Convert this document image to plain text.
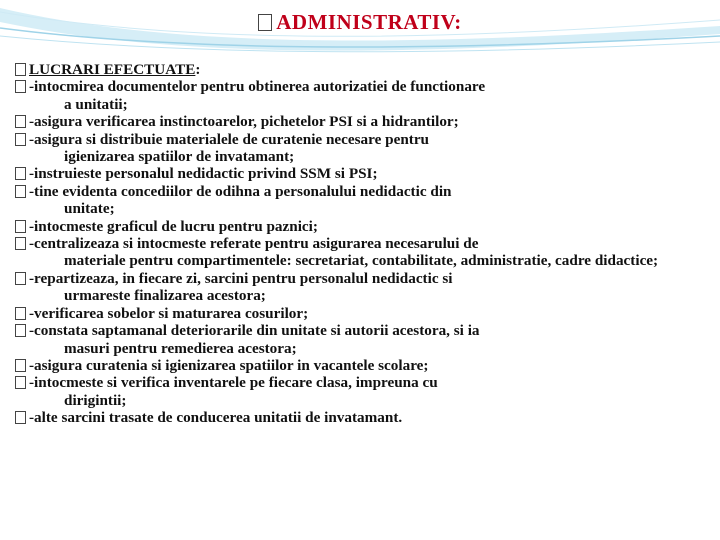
ADMINISTRATIV:
LUCRARI EFECTUATE:
-intocmirea documentelor pentru obtinerea autorizatiei de functionare
a unitatii;
-asigura verificarea instinctoarelor, pichetelor PSI si a hidrantilor;
-asigura si distribuie materialele de curatenie necesare pentru
igienizarea spatiilor de invatamant;
-instruieste personalul nedidactic privind SSM si PSI;
-tine evidenta concediilor de odihna a personalului nedidactic din
unitate;
-intocmeste graficul de lucru pentru paznici;
-centralizeaza si intocmeste referate pentru asigurarea necesarului de
materiale pentru compartimentele: secretariat, contabilitate, administratie, cadre didactice;
-repartizeaza, in fiecare zi, sarcini pentru personalul nedidactic si
urmareste finalizarea acestora;
-verificarea sobelor si maturarea cosurilor;
-constata saptamanal deteriorarile din unitate si autorii acestora, si ia
masuri pentru remedierea acestora;
-asigura curatenia si igienizarea spatiilor in vacantele scolare;
-intocmeste si verifica inventarele pe fiecare clasa, impreuna cu
dirigintii;
-alte sarcini trasate de conducerea unitatii de invatamant.
